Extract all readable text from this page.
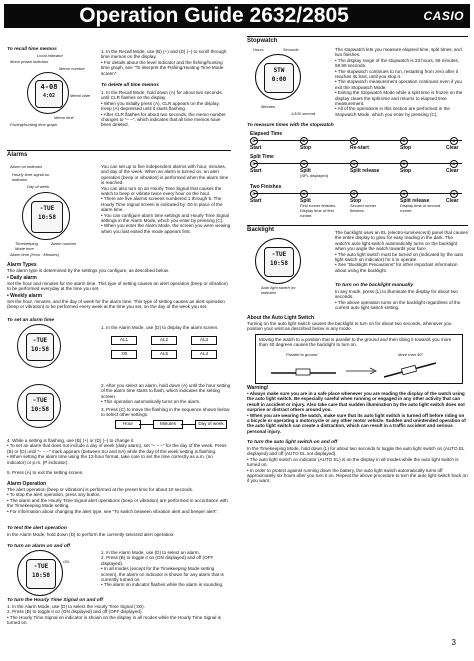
Operation Guide 2632/2805	CASIO
To recall time memos
Local indicator
Moon phase indicator
Memo number
4-08
4:02	Memo date
Memo time
Fishing/hunting time graph
1. In the Recall Mode, use (B) (+) and (D) (–) to scroll through time memos on the display.
• For details about the level indicator and the fishing/hunting time graph, see "To interpret the Fishing/Hunting Time Mode screen".
To delete all time memos
1. In the Recall Mode, hold down (A) for about two seconds, until CLR flashes on the display.
• When you initially press (A), CLR appears on the display. Keep (A) depressed until it starts flashing.
• After CLR flashes for about two seconds, the memo number changes to "– –", which indicates that all time memos have been deleted.
Alarms
Alarm on indicator
Hourly time signal on indicator
Day of week
-TUE
10:58
Timekeeping Mode time
Alarm number
Alarm time (Hour : Minutes)
You can set up to five independent alarms with hour, minutes, and day of the week. When an alarm is turned on, an alert operation (beep or vibration) is performed when the alarm time is reached.
You can also turn on an Hourly Time Signal that causes the watch to beep or vibrate twice every hour on the hour.
• There are five alarms screens numbered 1 through 5. The Hourly Time Signal screen is indicated by :00 in place of the alarm time.
• You can configure alarm time settings and Hourly Time Signal settings in the Alarm Mode, which you enter by pressing (C).
• When you enter the Alarm Mode, the screen you were viewing when you last exited the mode appears first.
Alarm Types
The alarm type is determined by the settings you configure, as described below.
• Daily alarm
Set the hour and minutes for the alarm time. This type of setting causes an alert operation (beep or vibration) to be performed everyday at the time you set.
• Weekly alarm
Set the hour, minutes, and the day of week for the alarm time. This type of setting causes an alert operation (beep or vibration) to be performed every week at the time you set, on the day of the week you set.
To set an alarm time
-TUE
10:58
1. In the Alarm Mode, use (D) to display the alarm screen.
AL1	AL2	AL3
:00	AL5	AL4
-TUE
10:58
2. After you select an alarm, hold down (A) until the hour setting of the alarm time starts to flash, which indicates the setting screen.
• This operation automatically turns on the alarm.
3. Press (C) to move the flashing in the sequence shown below to select other settings.
Hour	Minutes	Day of week
4. While a setting is flashing, use (B) (+) or (D) (–) to change it.
• To set an alarm that does not include a day of week (daily alarm), set "– – –" for the day of the week. Press (B) or (D) until "– – –" mark appears (between SU and SA) while the day of the week setting is flashing.
• When setting the alarm time using the 12-hour format, take care to set the time correctly as a.m. (no indicator) or p.m. (P indicator).
5. Press (A) to exit the setting screen.
Alarm Operation
The alert operation (beep or vibration) is performed at the preset time for about 10 seconds.
• To stop the alert operation, press any button.
• The alarm and the Hourly Time Signal alert operations (beep or vibration) are performed in accordance with the Timekeeping Mode setting.
• For information about changing the alert type, see "To switch between vibration alert and beeper alert".
To test the alert operation
In the Alarm Mode, hold down (D) to perform the currently selected alert operation.
To turn an alarm on and off
-TUE
10:58
ON
1. In the Alarm Mode, use (D) to select an alarm.
2. Press (B) to toggle it on (ON displayed) and off (OFF displayed).
• In all modes (except for the Timekeeping Mode setting screen), the alarm on indicator is shown for any alarm that is currently turned on.
• The alarm on indicator flashes while the alarm is sounding.
To turn the Hourly Time Signal on and off
1. In the Alarm Mode, use (D) to select the Hourly Time Signal (:00).
2. Press (B) to toggle it on (ON displayed) and off (OFF displayed).
• The Hourly Time Signal on indicator is shown on the display in all modes while the Hourly Time Signal is turned on.
Stopwatch
Hours	Seconds
STW
0:00
Minutes
1/100 second
The stopwatch lets you measure elapsed time, split times, and two finishes.
• The display range of the stopwatch is 23 hours, 59 minutes, 59.99 seconds.
• The stopwatch continues to run, restarting from zero after it reaches its limit, until you stop it.
• The stopwatch measurement operation continues even if you exit the Stopwatch Mode.
• Exiting the Stopwatch Mode while a split time is frozen on the display clears the split time and returns to elapsed time measurement.
• All of the operations in this section are performed in the Stopwatch Mode, which you enter by pressing (C).
To measure times with the stopwatch
Elapsed Time
D	D	D	D	A
Start	Stop	Re-start	Stop	Clear
Split Time
D	A	A	D	A
Start	Split	Split release	Stop	Clear
(SPL displayed)
Two Finishes
D	A	D	A	A
Start	Split	Stop	Split release	Clear
First runner finishes. Display time of first runner.
Second runner finishes.
Display time of second runner.
Backlight
-TUE
10:58
Auto light switch on indicator
The backlight uses an EL (electro-luminescent) panel that causes the entire display to glow for easy reading in the dark. The watch's auto light switch automatically turns on the backlight when you angle the watch towards your face.
• The auto light switch must be turned on (indicated by the auto light switch on indicator) for it to operate.
• See "Backlight Precautions" for other important information about using the backlight.
To turn on the backlight manually
In any mode, press (L) to illuminate the display for about two seconds.
• The above operation turns on the backlight regardless of the current auto light switch setting.
About the Auto Light Switch
Turning on the auto light switch causes the backlight to turn on for about two seconds, whenever you position your wrist as described below in any mode.
Moving the watch to a position that is parallel to the ground and then tilting it towards you more than 40 degrees causes the backlight to turn on.
Parallel to ground	More than 40°
Warning!
• Always make sure you are in a safe place whenever you are reading the display of the watch using the auto light switch. Be especially careful when running or engaged in any other activity that can result in accident or injury. Also take care that sudden illumination by the auto light switch does not surprise or distract others around you.
• When you are wearing the watch, make sure that its auto light switch is turned off before riding on a bicycle or operating a motorcycle or any other motor vehicle. Sudden and unintended operation of the auto light switch can create a distraction, which can result in a traffic accident and serious personal injury.
To turn the auto light switch on and off
In the Timekeeping Mode, hold down (L) for about two seconds to toggle the auto light switch on (AUTO EL displayed) and off (AUTO EL not displayed).
• The auto light switch on indicator (AUTO EL) is on the display in all modes while the auto light switch is turned on.
• In order to protect against running down the battery, the auto light switch automatically turns off approximately six hours after you turn it on. Repeat the above procedure to turn the auto light switch back on if you want.
3
